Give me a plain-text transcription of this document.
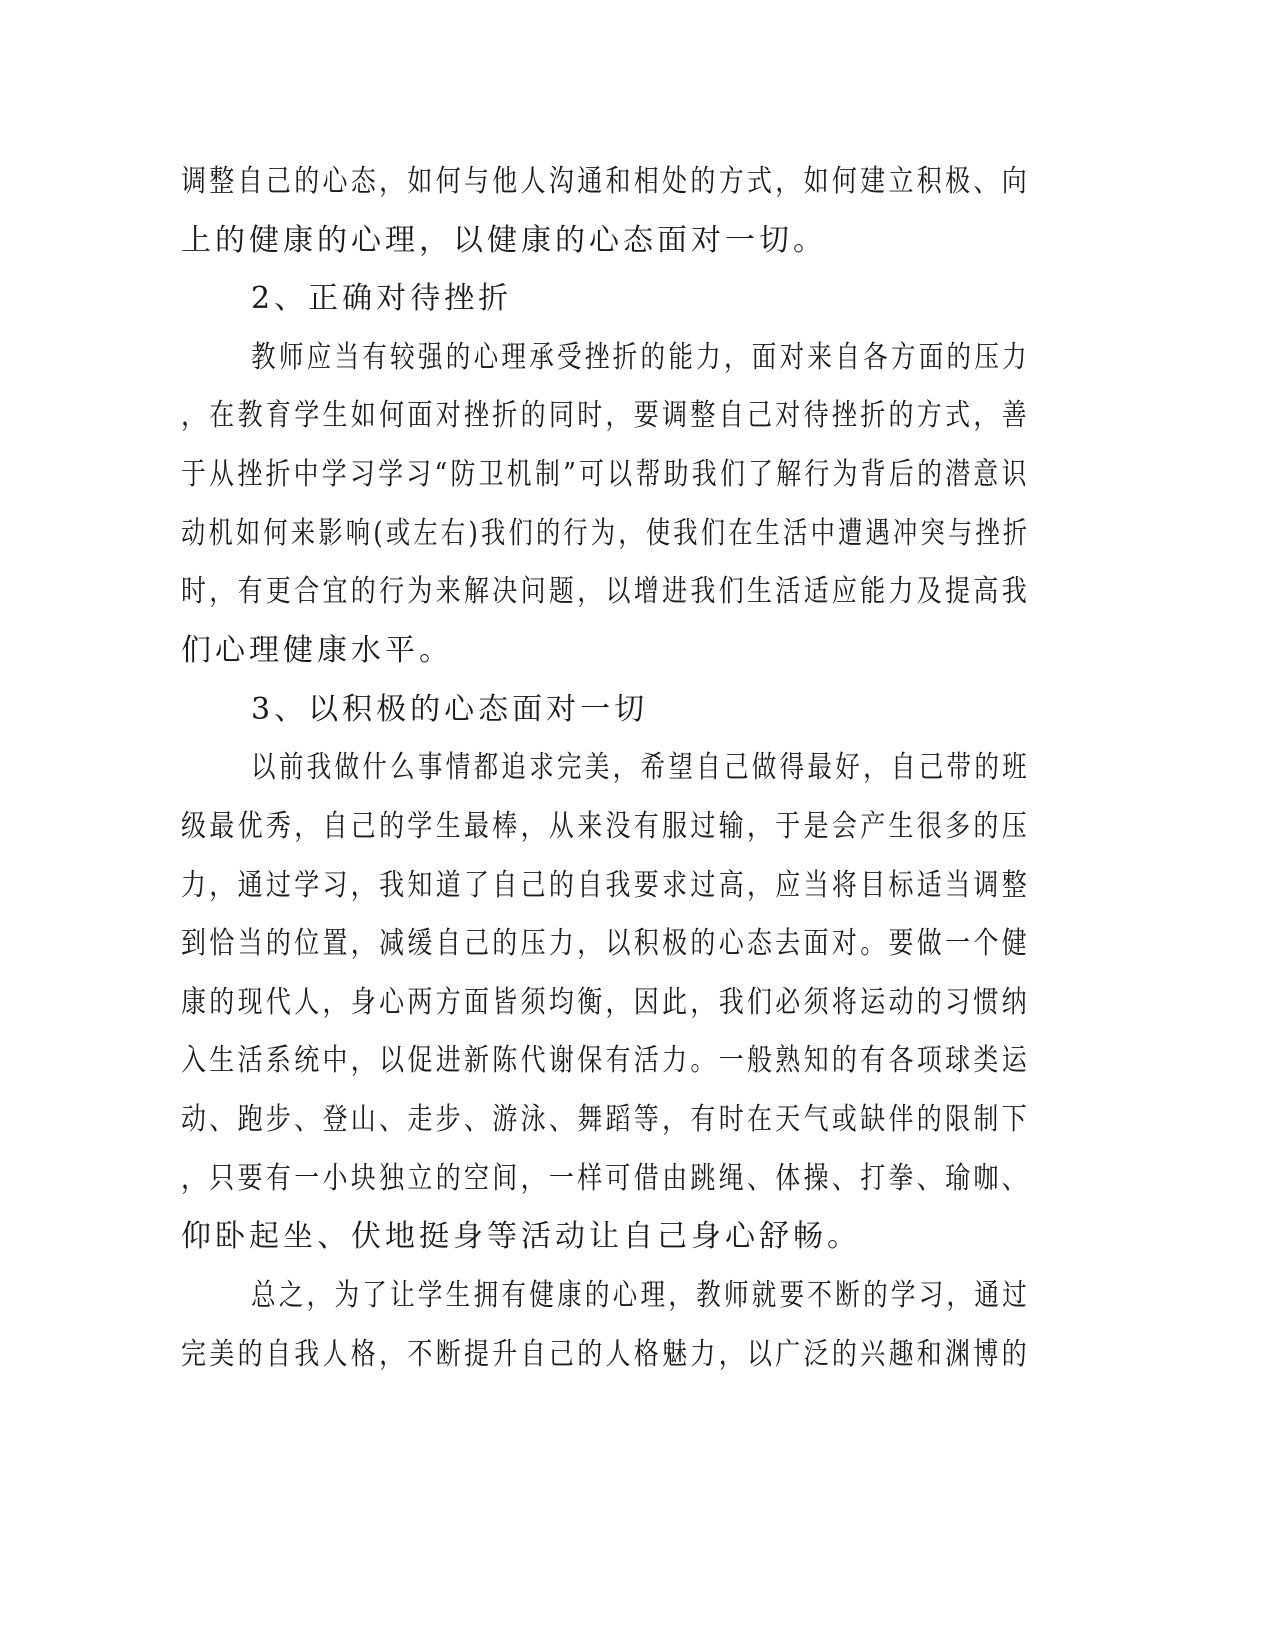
调整自己的心态，如何与他人沟通和相处的方式，如何建立积极、向
上的健康的心理，以健康的心态面对一切。
2、正确对待挫折
教师应当有较强的心理承受挫折的能力，面对来自各方面的压力
，在教育学生如何面对挫折的同时，要调整自己对待挫折的方式，善
于从挫折中学习学习“防卫机制”可以帮助我们了解行为背后的潜意识
动机如何来影响(或左右)我们的行为，使我们在生活中遭遇冲突与挫折
时，有更合宜的行为来解决问题，以增进我们生活适应能力及提高我
们心理健康水平。
3、以积极的心态面对一切
以前我做什么事情都追求完美，希望自己做得最好，自己带的班
级最优秀，自己的学生最棒，从来没有服过输，于是会产生很多的压
力，通过学习，我知道了自己的自我要求过高，应当将目标适当调整
到恰当的位置，减缓自己的压力，以积极的心态去面对。要做一个健
康的现代人，身心两方面皆须均衡，因此，我们必须将运动的习惯纳
入生活系统中，以促进新陈代谢保有活力。一般熟知的有各项球类运
动、跑步、登山、走步、游泳、舞蹈等，有时在天气或缺伴的限制下
，只要有一小块独立的空间，一样可借由跳绳、体操、打拳、瑜咖、
仰卧起坐、伏地挺身等活动让自己身心舒畅。
总之，为了让学生拥有健康的心理，教师就要不断的学习，通过
完美的自我人格，不断提升自己的人格魅力，以广泛的兴趣和渊博的
